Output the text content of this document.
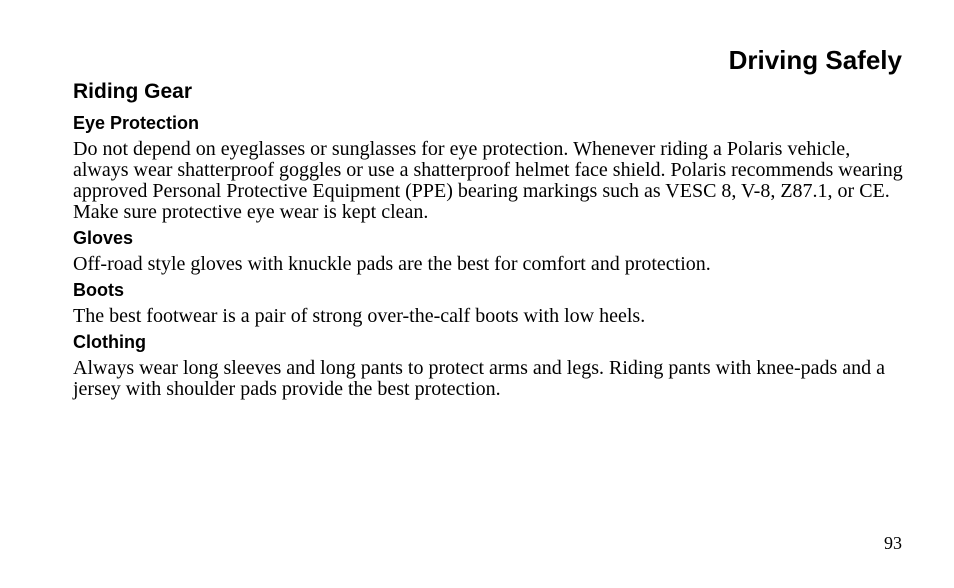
Driving Safely
Riding Gear
Eye Protection

Do not depend on eyeglasses or sunglasses for eye protection. Whenever riding a Polaris vehicle, always wear shatterproof goggles or use a shatterproof helmet face shield. Polaris recommends wearing approved Personal Protective Equipment (PPE) bearing markings such as VESC 8, V-8, Z87.1, or CE. Make sure protective eye wear is kept clean.

Gloves

Off-road style gloves with knuckle pads are the best for comfort and protection.

Boots

The best footwear is a pair of strong over-the-calf boots with low heels.

Clothing

Always wear long sleeves and long pants to protect arms and legs. Riding pants with knee-pads and a jersey with shoulder pads provide the best protection.

93
